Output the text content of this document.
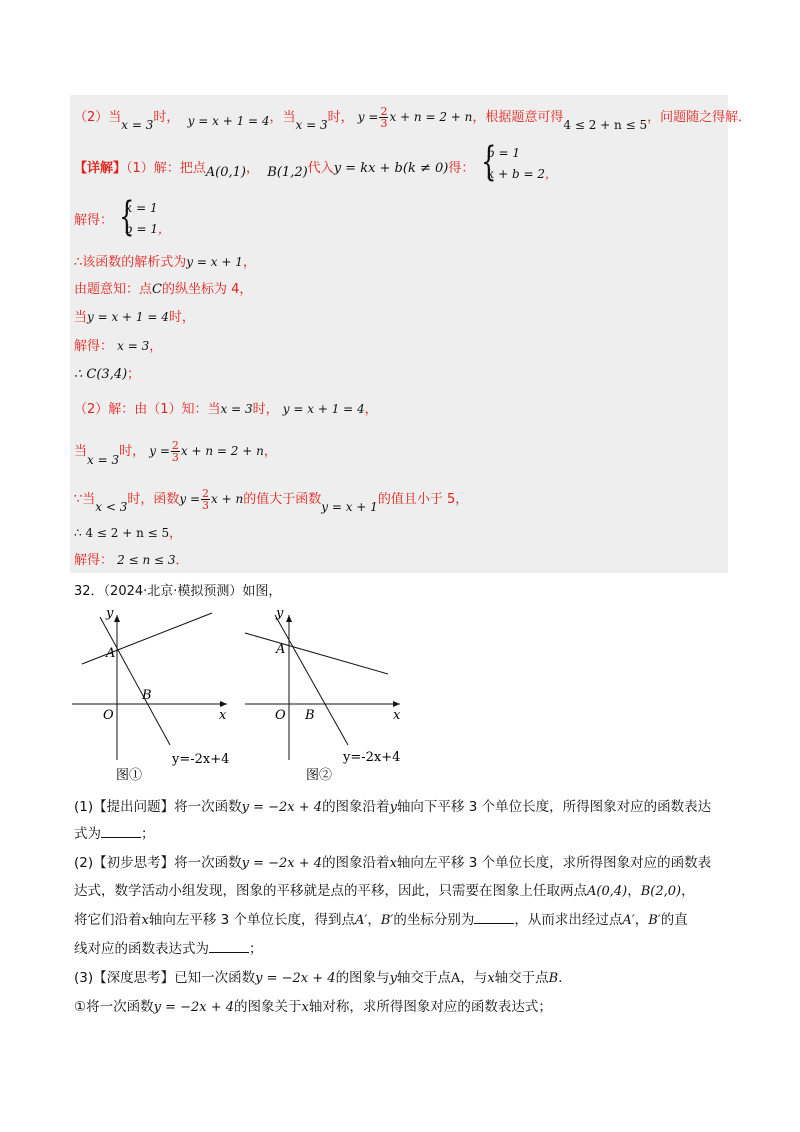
（2）当x = 3时， y = x + 1 = 4，当x = 3时， $y = \frac{2}{3}$ x + n = 2 + n，根据题意可得4 ≤ 2 + n ≤ 5，问题随之得解．
【详解】（1）解：把点A(0,1)， B(1,2)代入y = kx + b(k ≠ 0)得： {
b = 1
k + b = 2，
解得： {
k = 1
b = 1，
∴该函数的解析式为y = x + 1，
由题意知：点C的纵坐标为 4，
当y = x + 1 = 4时，
解得： x = 3，
∴ C(3,4)；
（2）解：由（1）知：当x = 3时， y = x + 1 = 4，
当x = 3时， $y = \frac{2}{3}$ x + n = 2 + n，
∵当x < 3时，函数$y = \frac{2}{3}$ x + n的值大于函数y = x + 1的值且小于 5，
∴ 4 ≤ 2 + n ≤ 5，
解得： 2 ≤ n ≤ 3．
32．（2024·北京·模拟预测）如图，
y
x
O
A
B
y=-2x+4
图①
y
x
O
A
B
y=-2x+4
图②
(1)【提出问题】将一次函数y = −2x + 4的图象沿着y轴向下平移 3 个单位长度，所得图象对应的函数表达
式为	；
(2)【初步思考】将一次函数y = −2x + 4的图象沿着x轴向左平移 3 个单位长度，求所得图象对应的函数表
达式，数学活动小组发现，图象的平移就是点的平移，因此，只需要在图象上任取两点A(0,4)，B(2,0)，
将它们沿着x轴向左平移 3 个单位长度，得到点A′，B′的坐标分别为	，从而求出经过点A′，B′的直
线对应的函数表达式为	；
(3)【深度思考】已知一次函数y = −2x + 4的图象与y轴交于点A，与x轴交于点B．
①将一次函数y = −2x + 4的图象关于x轴对称，求所得图象对应的函数表达式；
